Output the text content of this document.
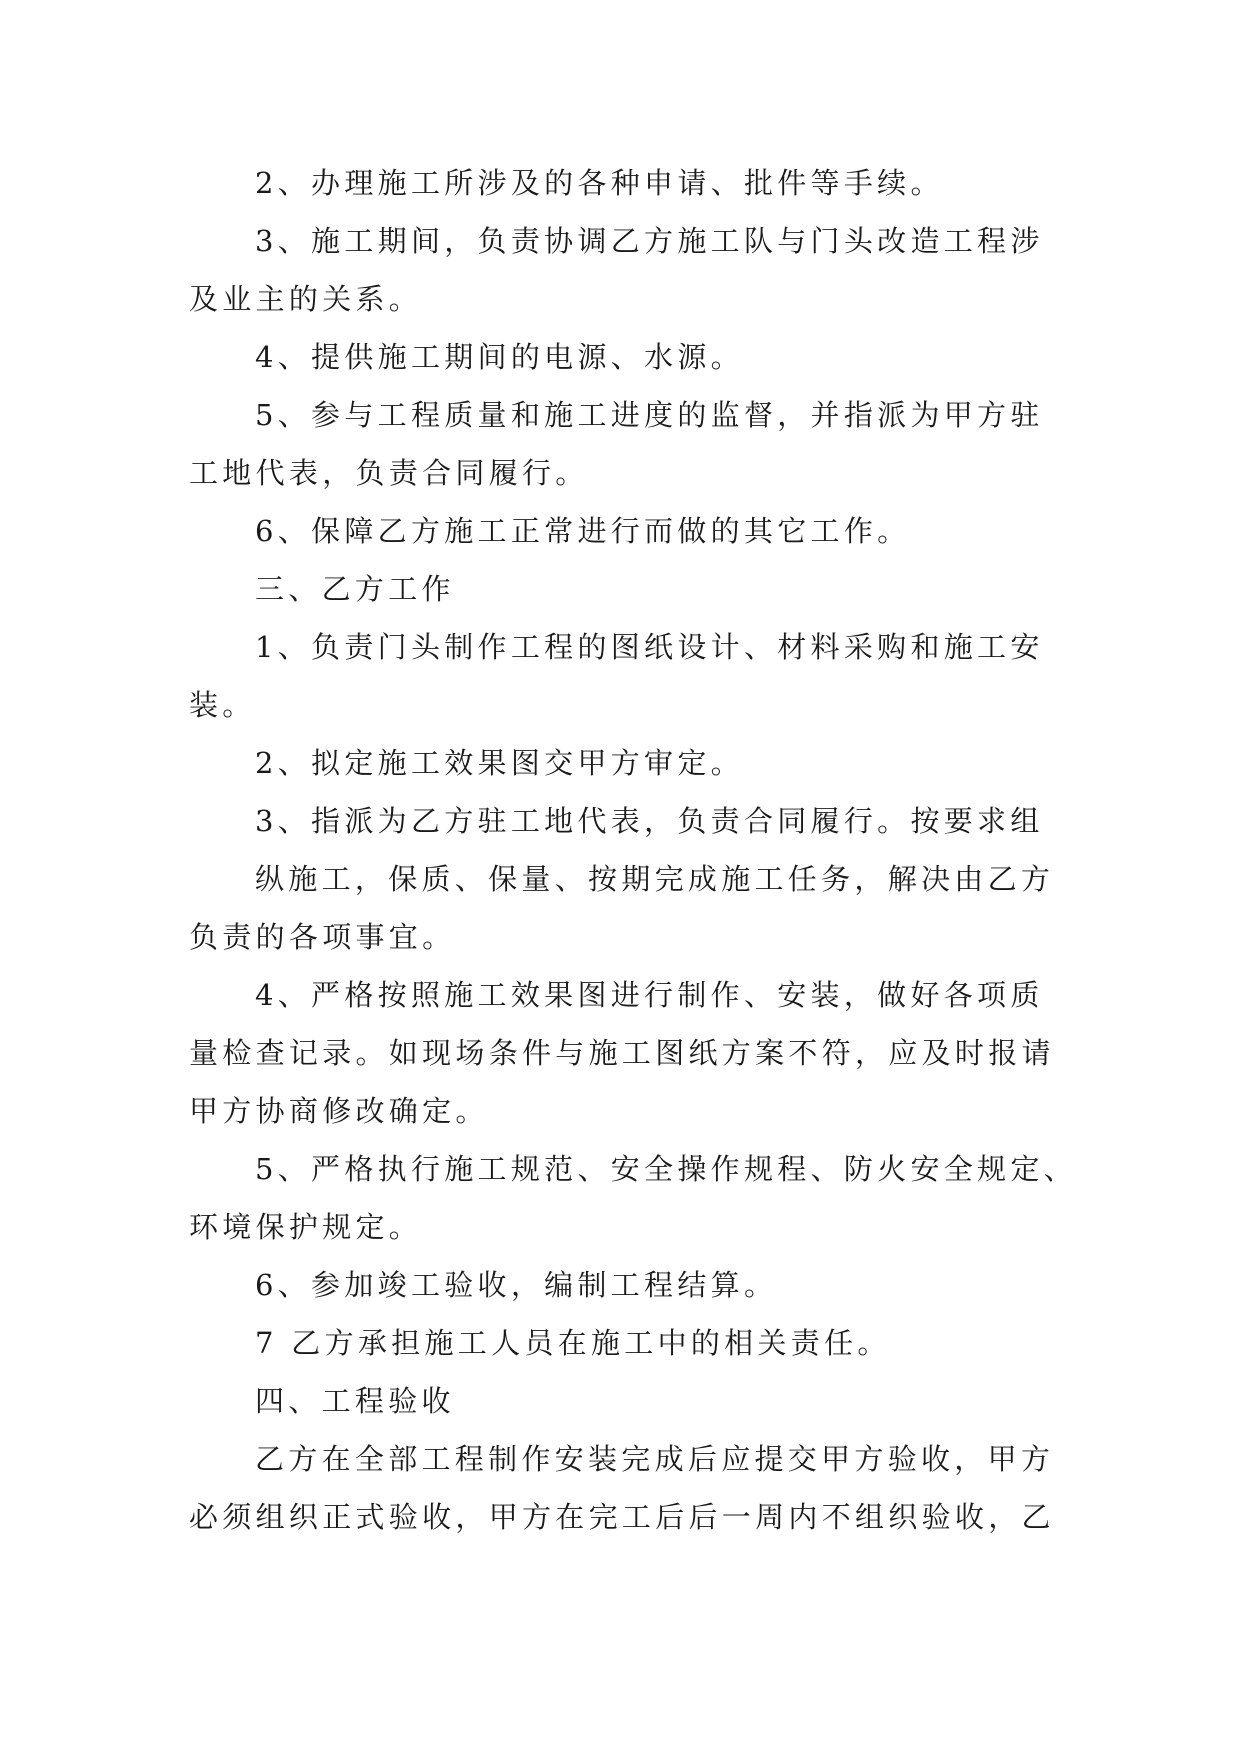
2、办理施工所涉及的各种申请、批件等手续。
3、施工期间，负责协调乙方施工队与门头改造工程涉
及业主的关系。
4、提供施工期间的电源、水源。
5、参与工程质量和施工进度的监督，并指派为甲方驻
工地代表，负责合同履行。
6、保障乙方施工正常进行而做的其它工作。
三、乙方工作
1、负责门头制作工程的图纸设计、材料采购和施工安
装。
2、拟定施工效果图交甲方审定。
3、指派为乙方驻工地代表，负责合同履行。按要求组
纵施工，保质、保量、按期完成施工任务，解决由乙方
负责的各项事宜。
4、严格按照施工效果图进行制作、安装，做好各项质
量检查记录。如现场条件与施工图纸方案不符，应及时报请
甲方协商修改确定。
5、严格执行施工规范、安全操作规程、防火安全规定、
环境保护规定。
6、参加竣工验收，编制工程结算。
7 乙方承担施工人员在施工中的相关责任。
四、工程验收
乙方在全部工程制作安装完成后应提交甲方验收，甲方
必须组织正式验收，甲方在完工后后一周内不组织验收，乙
